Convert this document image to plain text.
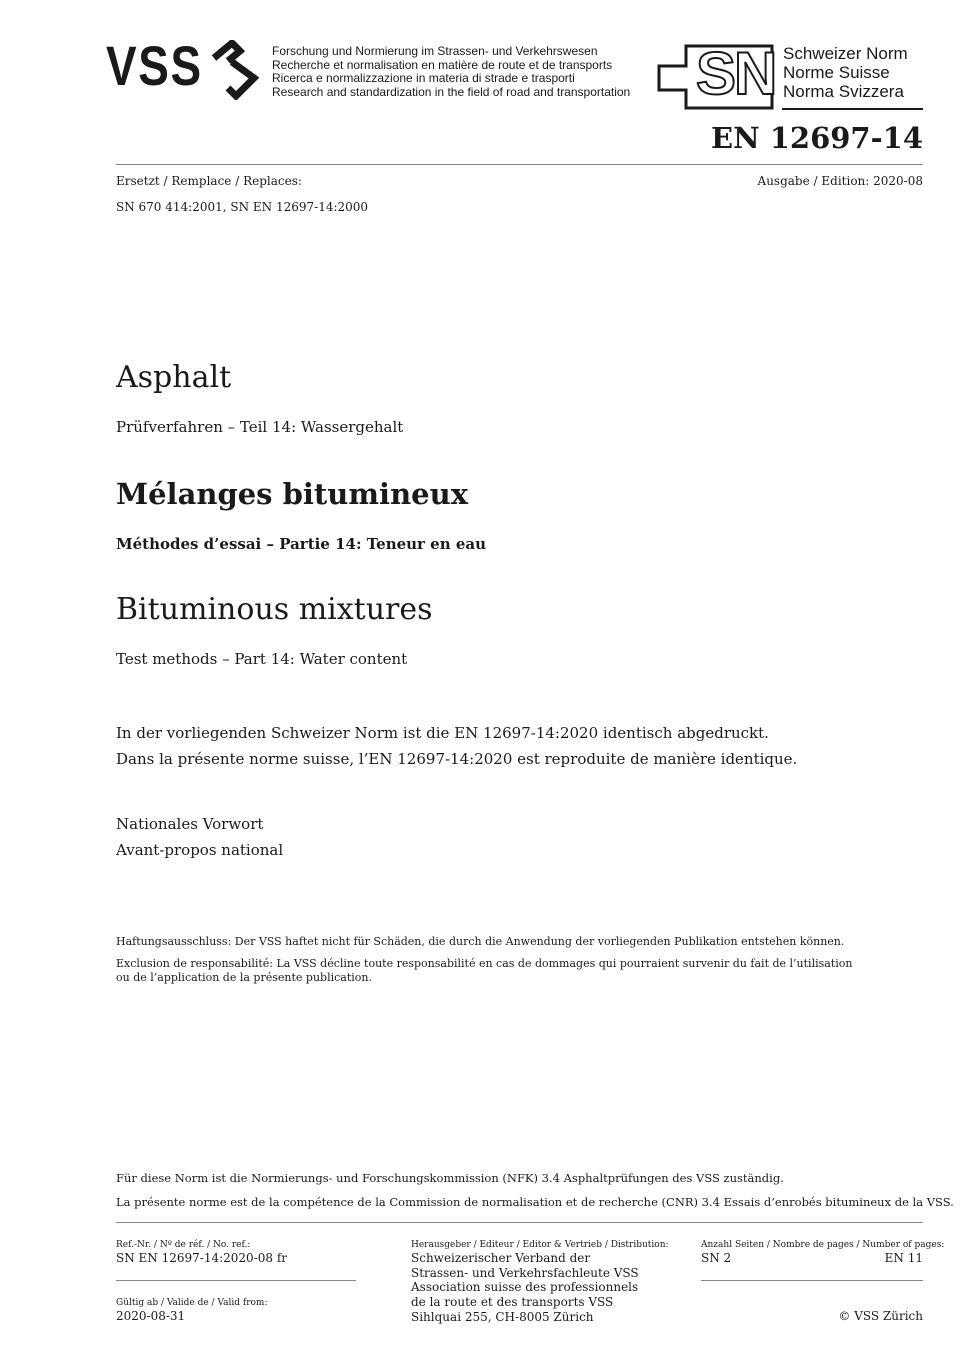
VSS	Forschung und Normierung im Strassen- und Verkehrswesen
Recherche et normalisation en matière de route et de transports
Ricerca e normalizzazione in materia di strade e trasporti
Research and standardization in the field of road and transportation SN Schweizer Norm
Norme Suisse
Norma Svizzera
EN 12697-14
Ersetzt / Remplace / Replaces:	Ausgabe / Edition: 2020-08
SN 670 414:2001, SN EN 12697-14:2000
Asphalt
Prüfverfahren – Teil 14: Wassergehalt
Mélanges bitumineux
Méthodes d’essai – Partie 14: Teneur en eau
Bituminous mixtures
Test methods – Part 14: Water content
In der vorliegenden Schweizer Norm ist die EN 12697-14:2020 identisch abgedruckt.
Dans la présente norme suisse, l’EN 12697-14:2020 est reproduite de manière identique.
Nationales Vorwort
Avant-propos national
Haftungsausschluss: Der VSS haftet nicht für Schäden, die durch die Anwendung der vorliegenden Publikation entstehen können.
Exclusion de responsabilité: La VSS décline toute responsabilité en cas de dommages qui pourraient survenir du fait de l’utilisation
ou de l’application de la présente publication.
Für diese Norm ist die Normierungs- und Forschungskommission (NFK) 3.4 Asphaltprüfungen des VSS zuständig.
La présente norme est de la compétence de la Commission de normalisation et de recherche (CNR) 3.4 Essais d’enrobés bitumineux de la VSS.
Ref.-Nr. / Nº de réf. / No. ref.:
SN EN 12697-14:2020-08 fr
Gültig ab / Valide de / Valid from:
2020-08-31
Herausgeber / Editeur / Editor & Vertrieb / Distribution:
Schweizerischer Verband der
Strassen- und Verkehrsfachleute VSS
Association suisse des professionnels
de la route et des transports VSS
Sihlquai 255, CH-8005 Zürich
Anzahl Seiten / Nombre de pages / Number of pages:
SN 2	EN 11
© VSS Zürich
